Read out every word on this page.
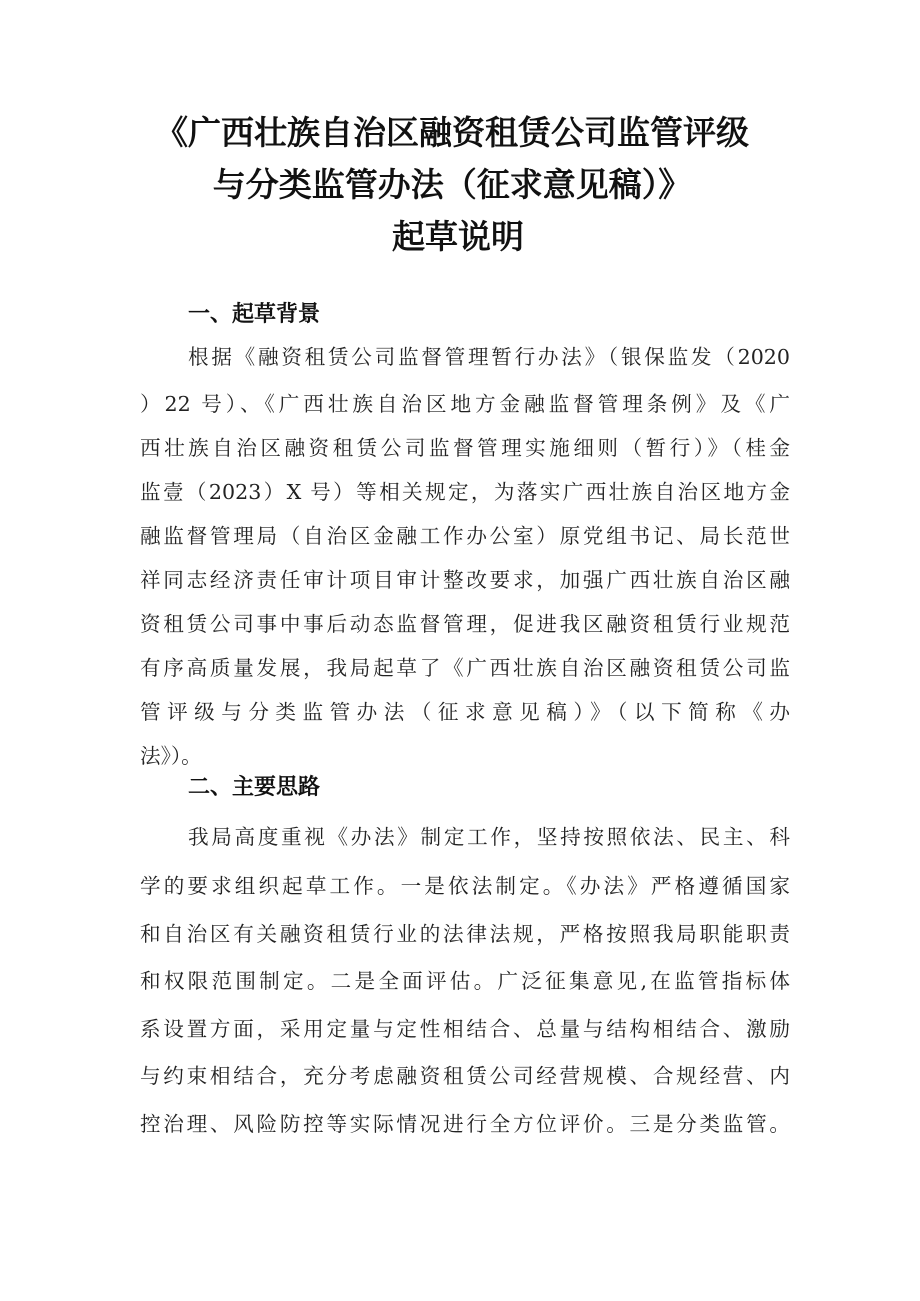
《广西壮族自治区融资租赁公司监管评级
与分类监管办法（征求意见稿）》
起草说明
一、起草背景
根据《融资租赁公司监督管理暂行办法》（银保监发（2020
）22 号）、《广西壮族自治区地方金融监督管理条例》及《广
西壮族自治区融资租赁公司监督管理实施细则（暂行）》（桂金
监壹（2023）X 号）等相关规定，为落实广西壮族自治区地方金
融监督管理局（自治区金融工作办公室）原党组书记、局长范世
祥同志经济责任审计项目审计整改要求，加强广西壮族自治区融
资租赁公司事中事后动态监督管理，促进我区融资租赁行业规范
有序高质量发展，我局起草了《广西壮族自治区融资租赁公司监
管评级与分类监管办法（征求意见稿）》（以下简称《办
法》）。
二、主要思路
我局高度重视《办法》制定工作，坚持按照依法、民主、科
学的要求组织起草工作。一是依法制定。《办法》严格遵循国家
和自治区有关融资租赁行业的法律法规，严格按照我局职能职责
和权限范围制定。二是全面评估。广泛征集意见,在监管指标体
系设置方面，采用定量与定性相结合、总量与结构相结合、激励
与约束相结合，充分考虑融资租赁公司经营规模、合规经营、内
控治理、风险防控等实际情况进行全方位评价。三是分类监管。
